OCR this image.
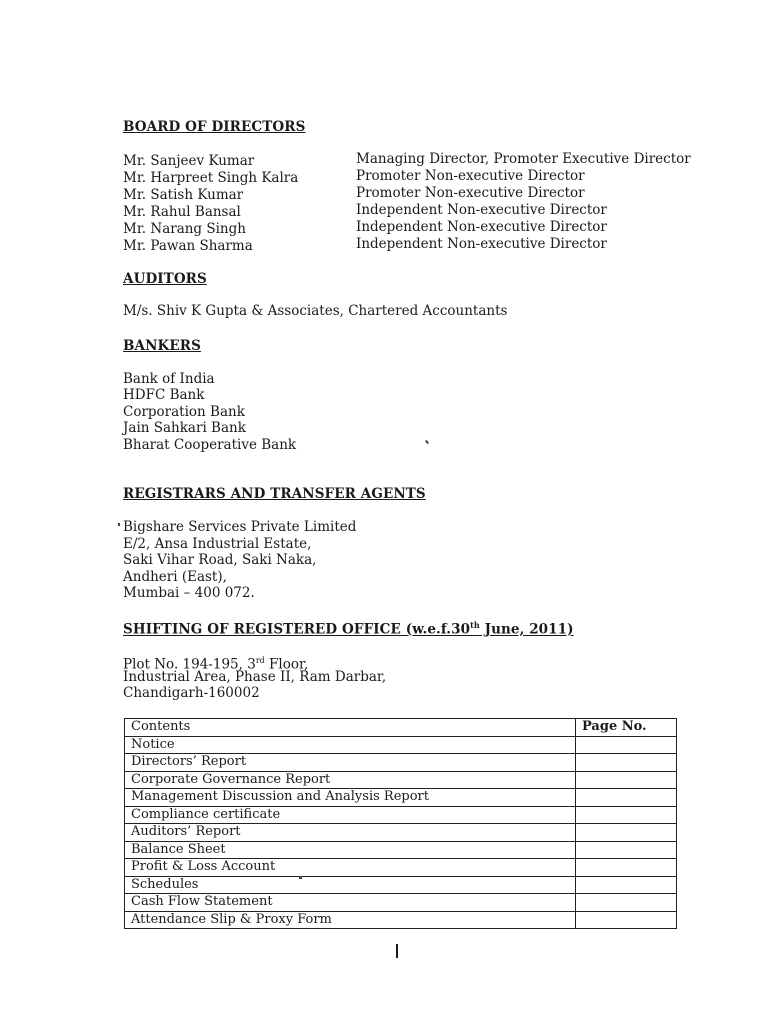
BOARD OF DIRECTORS
Mr. Sanjeev Kumar	Managing Director, Promoter Executive Director
Mr. Harpreet Singh Kalra	Promoter Non-executive Director
Mr. Satish Kumar	Promoter Non-executive Director
Mr. Rahul Bansal	Independent Non-executive Director
Mr. Narang Singh	Independent Non-executive Director
Mr. Pawan Sharma	Independent Non-executive Director
AUDITORS
M/s. Shiv K Gupta & Associates, Chartered Accountants
BANKERS
Bank of India
HDFC Bank
Corporation Bank
Jain Sahkari Bank
Bharat Cooperative Bank
REGISTRARS AND TRANSFER AGENTS
Bigshare Services Private Limited
E/2, Ansa Industrial Estate,
Saki Vihar Road, Saki Naka,
Andheri (East),
Mumbai – 400 072.
SHIFTING OF REGISTERED OFFICE (w.e.f.30th June, 2011)
Plot No. 194-195, 3rd Floor,
Industrial Area, Phase II, Ram Darbar,
Chandigarh-160002
Contents	Page No.
Notice	
Directors’ Report	
Corporate Governance Report	
Management Discussion and Analysis Report	
Compliance certificate	
Auditors’ Report	
Balance Sheet	
Profit & Loss Account	
Schedules	
Cash Flow Statement	
Attendance Slip & Proxy Form	
